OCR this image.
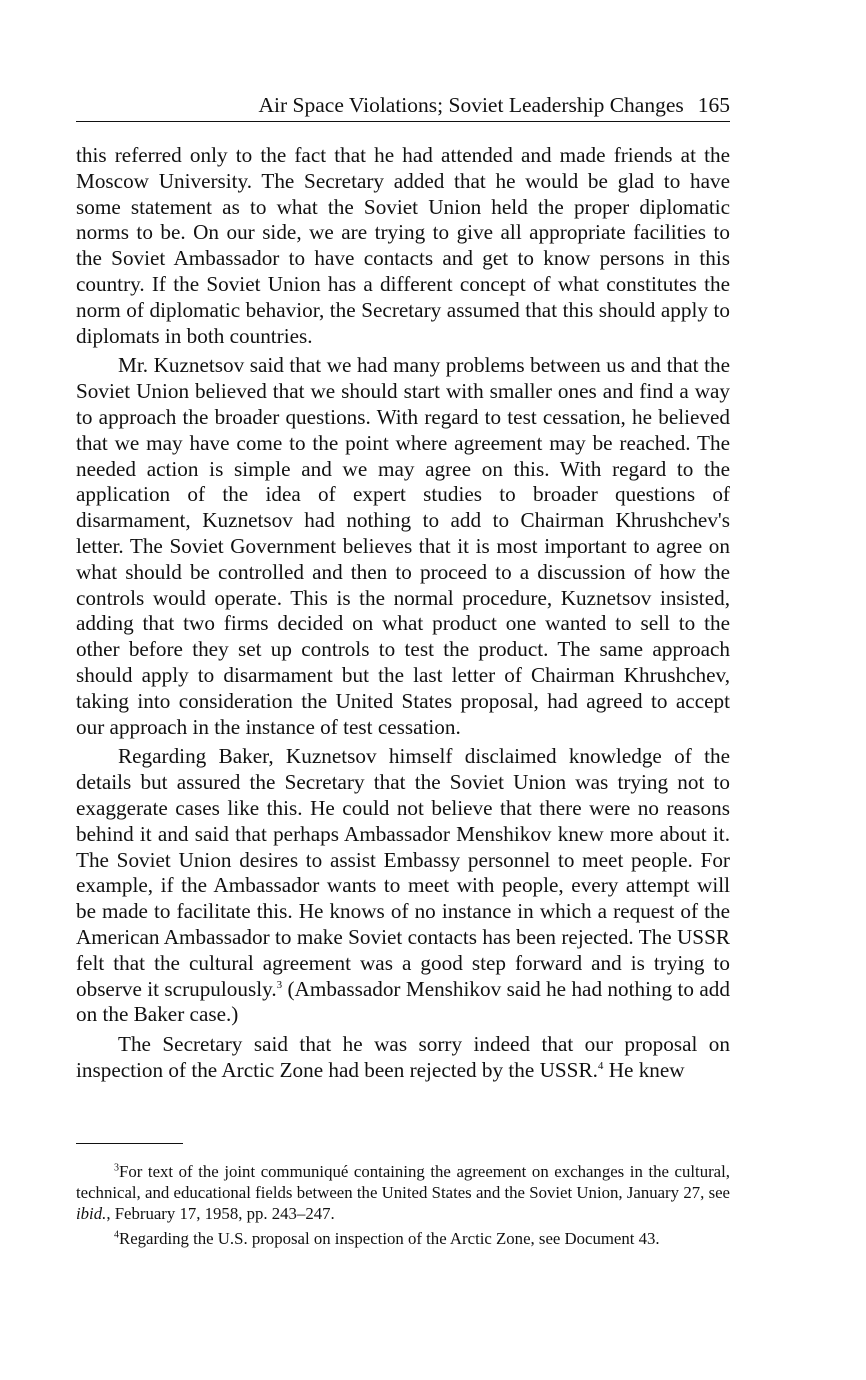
Air Space Violations; Soviet Leadership Changes 165

this referred only to the fact that he had attended and made friends at the Moscow University. The Secretary added that he would be glad to have some statement as to what the Soviet Union held the proper diplomatic norms to be. On our side, we are trying to give all appropriate facilities to the Soviet Ambassador to have contacts and get to know persons in this country. If the Soviet Union has a different concept of what constitutes the norm of diplomatic behavior, the Secretary assumed that this should apply to diplomats in both countries.

Mr. Kuznetsov said that we had many problems between us and that the Soviet Union believed that we should start with smaller ones and find a way to approach the broader questions. With regard to test cessation, he believed that we may have come to the point where agreement may be reached. The needed action is simple and we may agree on this. With regard to the application of the idea of expert studies to broader questions of disarmament, Kuznetsov had nothing to add to Chairman Khrushchev's letter. The Soviet Government believes that it is most important to agree on what should be controlled and then to proceed to a discussion of how the controls would operate. This is the normal procedure, Kuznetsov insisted, adding that two firms decided on what product one wanted to sell to the other before they set up controls to test the product. The same approach should apply to disarmament but the last letter of Chairman Khrushchev, taking into consideration the United States proposal, had agreed to accept our approach in the instance of test cessation.

Regarding Baker, Kuznetsov himself disclaimed knowledge of the details but assured the Secretary that the Soviet Union was trying not to exaggerate cases like this. He could not believe that there were no reasons behind it and said that perhaps Ambassador Menshikov knew more about it. The Soviet Union desires to assist Embassy personnel to meet people. For example, if the Ambassador wants to meet with people, every attempt will be made to facilitate this. He knows of no instance in which a request of the American Ambassador to make Soviet contacts has been rejected. The USSR felt that the cultural agreement was a good step forward and is trying to observe it scrupulously.$^3$ (Ambassador Menshikov said he had nothing to add on the Baker case.)

The Secretary said that he was sorry indeed that our proposal on inspection of the Arctic Zone had been rejected by the USSR.$^4$ He knew

$^3$For text of the joint communiqué containing the agreement on exchanges in the cultural, technical, and educational fields between the United States and the Soviet Union, January 27, see ibid., February 17, 1958, pp. 243–247.

$^4$Regarding the U.S. proposal on inspection of the Arctic Zone, see Document 43.
